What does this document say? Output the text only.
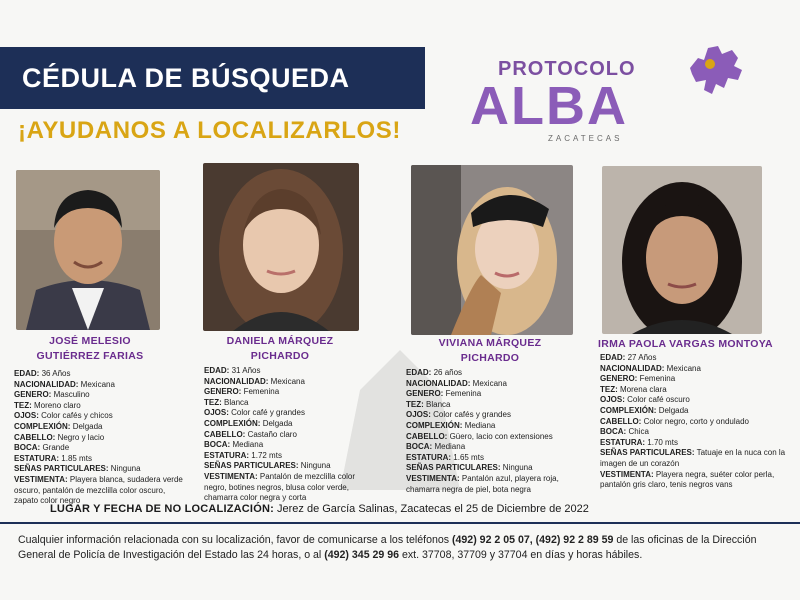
CÉDULA DE BÚSQUEDA
¡AYUDANOS A LOCALIZARLOS!
PROTOCOLO
ALBA
ZACATECAS
JOSÉ MELESIO
GUTIÉRREZ FARIAS
DANIELA MÁRQUEZ
PICHARDO
VIVIANA MÁRQUEZ
PICHARDO
IRMA PAOLA VARGAS MONTOYA
EDAD: 36 Años
NACIONALIDAD: Mexicana
GENERO: Masculino
TEZ: Moreno claro
OJOS: Color cafés y chicos
COMPLEXIÓN: Delgada
CABELLO: Negro y lacio
BOCA: Grande
ESTATURA: 1.85 mts
SEÑAS PARTICULARES: Ninguna
VESTIMENTA: Playera blanca, sudadera verde oscuro, pantalón de mezclilla color oscuro, zapato color negro
EDAD: 31 Años
NACIONALIDAD: Mexicana
GENERO: Femenina
TEZ: Blanca
OJOS: Color café y grandes
COMPLEXIÓN: Delgada
CABELLO: Castaño claro
BOCA: Mediana
ESTATURA: 1.72 mts
SEÑAS PARTICULARES: Ninguna
VESTIMENTA: Pantalón de mezclilla color negro, botines negros, blusa color verde, chamarra color negra y corta
EDAD: 26 años
NACIONALIDAD: Mexicana
GENERO: Femenina
TEZ: Blanca
OJOS: Color cafés y grandes
COMPLEXIÓN: Mediana
CABELLO: Güero, lacio con extensiones
BOCA: Mediana
ESTATURA: 1.65 mts
SEÑAS PARTICULARES: Ninguna
VESTIMENTA: Pantalón azul, playera roja, chamarra negra de piel, bota negra
EDAD: 27 Años
NACIONALIDAD: Mexicana
GENERO: Femenina
TEZ: Morena clara
OJOS: Color café oscuro
COMPLEXIÓN: Delgada
CABELLO: Color negro, corto y ondulado
BOCA: Chica
ESTATURA: 1.70 mts
SEÑAS PARTICULARES: Tatuaje en la nuca con la imagen de un corazón
VESTIMENTA: Playera negra, suéter color perla, pantalón gris claro, tenis negros vans
LUGAR Y FECHA DE NO LOCALIZACIÓN: Jerez de García Salinas, Zacatecas el 25 de Diciembre de 2022
Cualquier información relacionada con su localización, favor de comunicarse a los teléfonos (492) 92 2 05 07, (492) 92 2 89 59 de las oficinas de la Dirección General de Policía de Investigación del Estado las 24 horas, o al (492) 345 29 96 ext. 37708, 37709 y 37704 en días y horas hábiles.
